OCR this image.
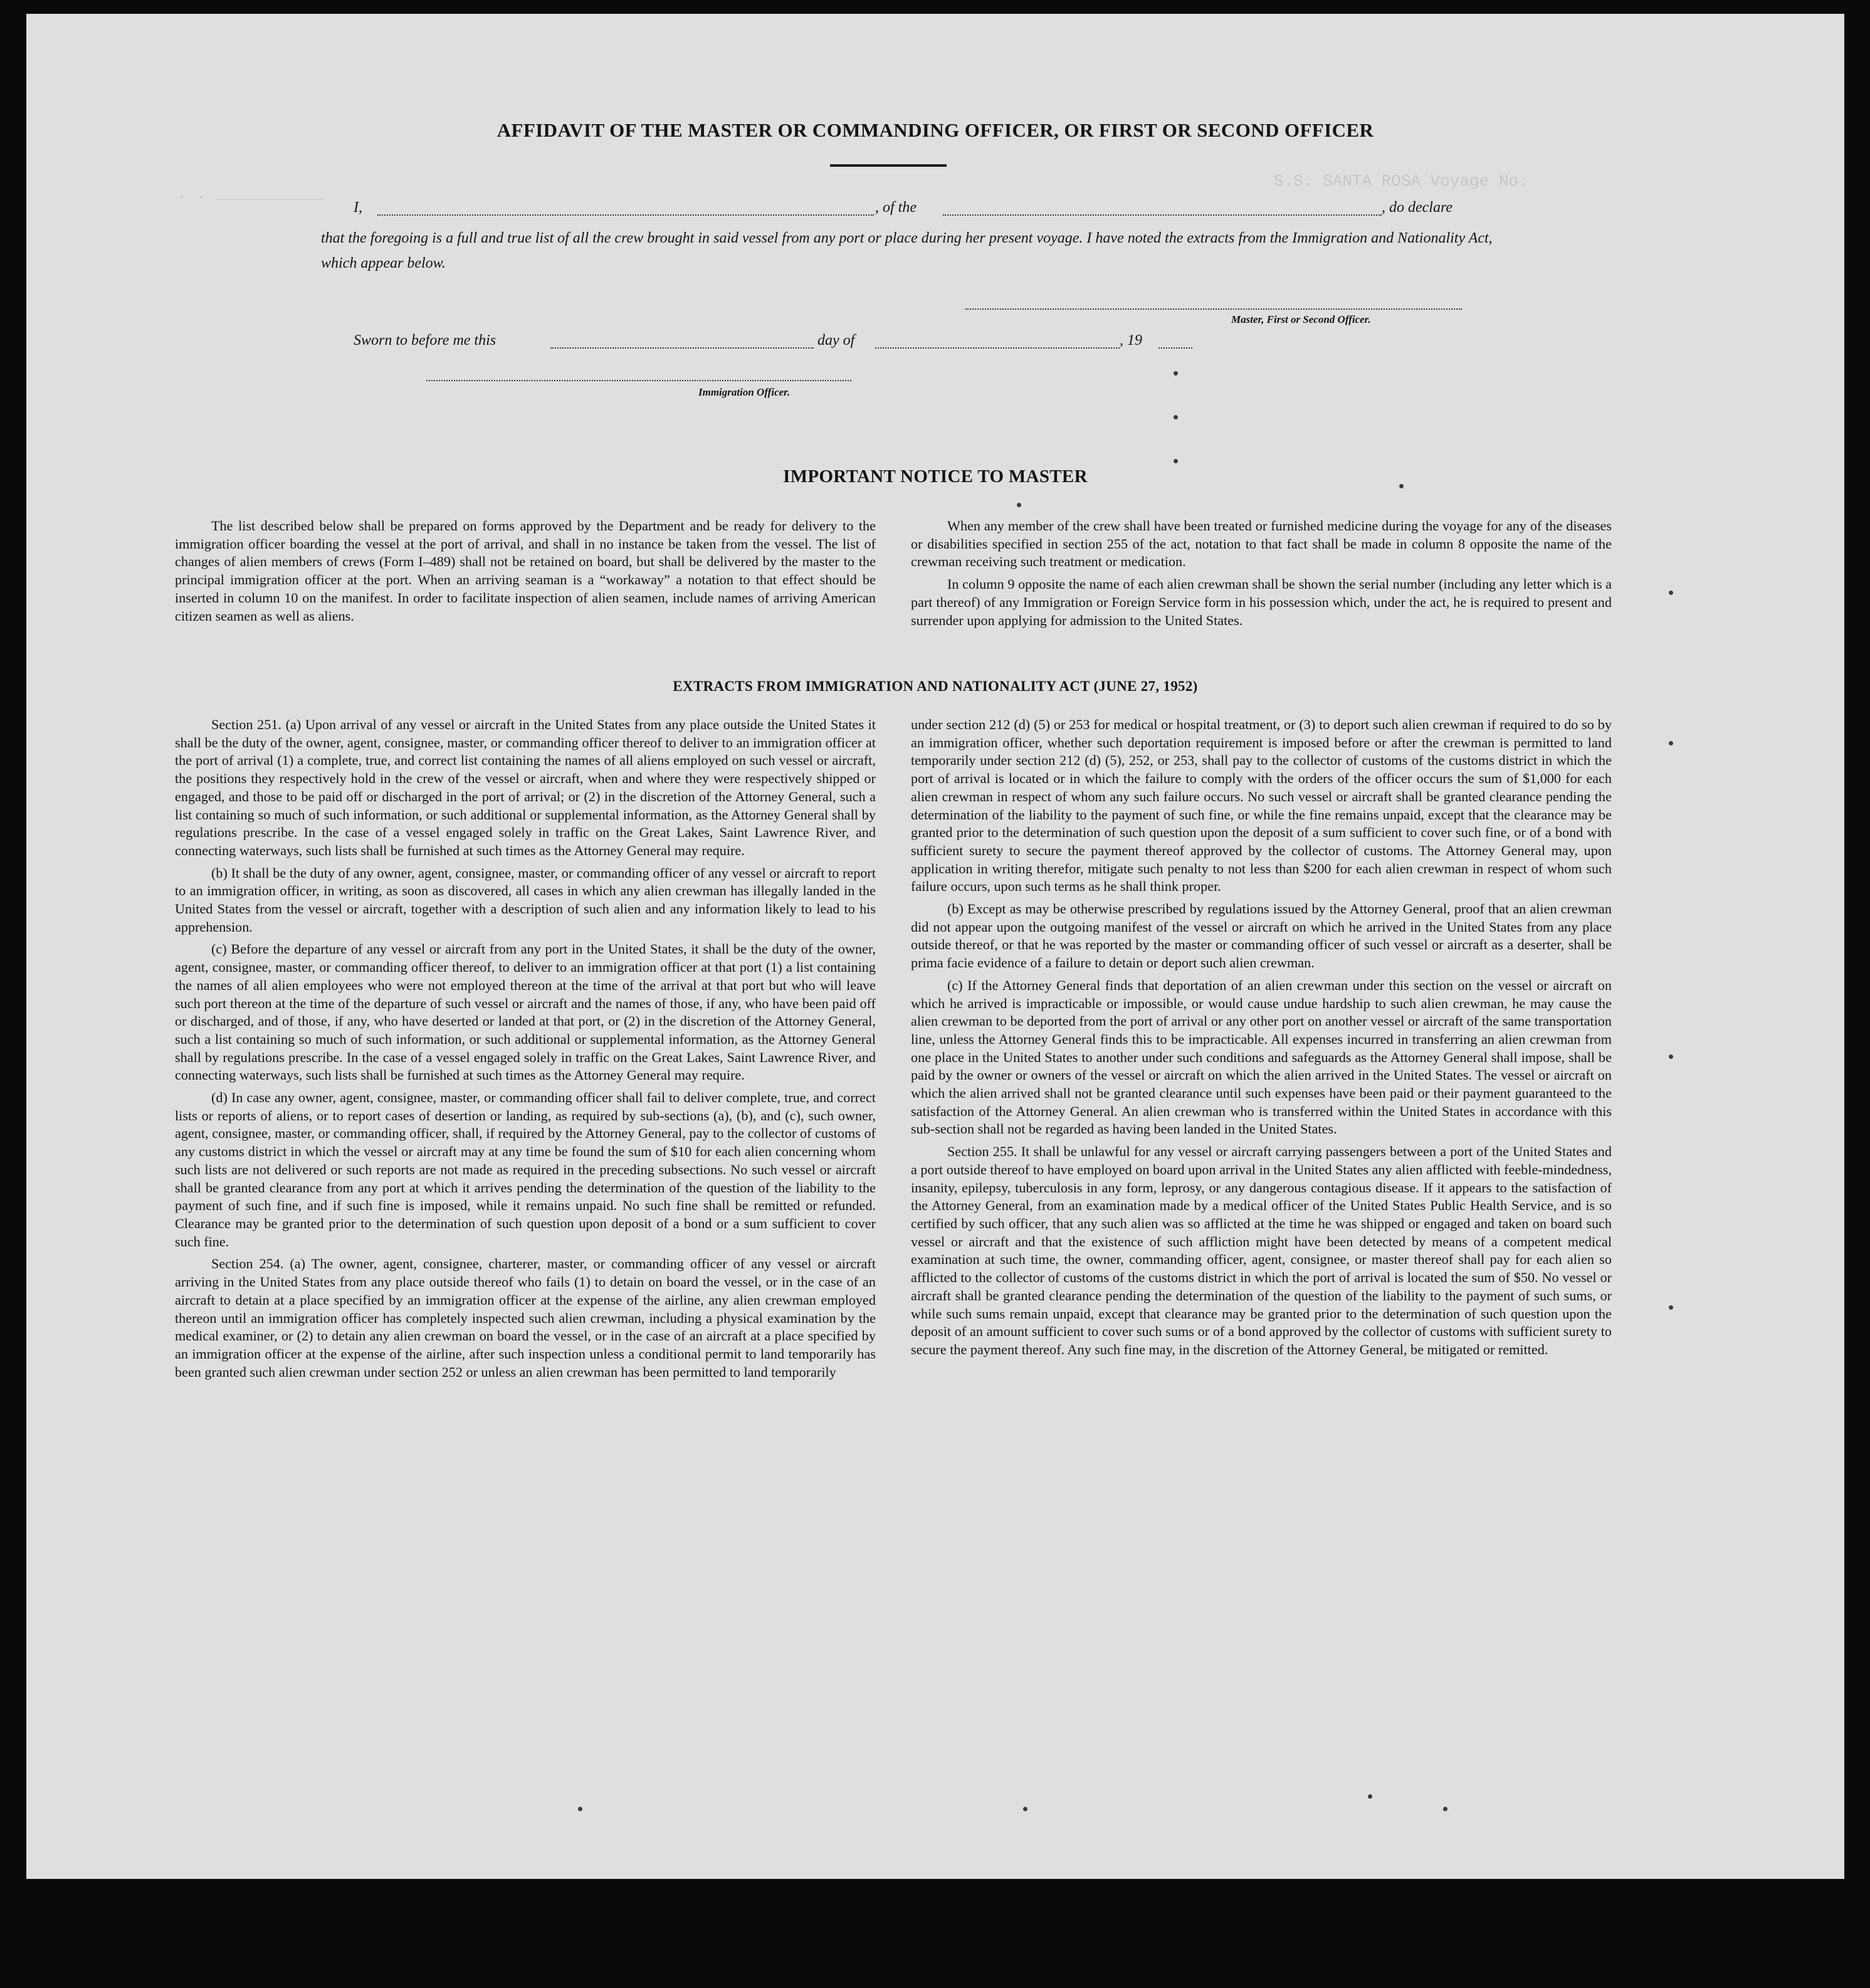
. . ___________
S.S. SANTA ROSA Voyage No.
AFFIDAVIT OF THE MASTER OR COMMANDING OFFICER, OR FIRST OR SECOND OFFICER
I,	, of the	, do declare
that the foregoing is a full and true list of all the crew brought in said vessel from any port or place during her present voyage. I have noted the extracts from the Immigration and Nationality Act, which appear below.
Master, First or Second Officer.
Sworn to before me this	day of	, 19
Immigration Officer.
IMPORTANT NOTICE TO MASTER

The list described below shall be prepared on forms approved by the Department and be ready for delivery to the immigration officer boarding the vessel at the port of arrival, and shall in no instance be taken from the vessel. The list of changes of alien members of crews (Form I–489) shall not be retained on board, but shall be delivered by the master to the principal immigration officer at the port. When an arriving seaman is a “workaway” a notation to that effect should be inserted in column 10 on the manifest. In order to facilitate inspection of alien seamen, include names of arriving American citizen seamen as well as aliens.

When any member of the crew shall have been treated or furnished medicine during the voyage for any of the diseases or disabilities specified in section 255 of the act, notation to that fact shall be made in column 8 opposite the name of the crewman receiving such treatment or medication.

In column 9 opposite the name of each alien crewman shall be shown the serial number (including any letter which is a part thereof) of any Immigration or Foreign Service form in his possession which, under the act, he is required to present and surrender upon applying for admission to the United States.

EXTRACTS FROM IMMIGRATION AND NATIONALITY ACT (JUNE 27, 1952)

Section 251. (a) Upon arrival of any vessel or aircraft in the United States from any place outside the United States it shall be the duty of the owner, agent, consignee, master, or commanding officer thereof to deliver to an immigration officer at the port of arrival (1) a complete, true, and correct list containing the names of all aliens employed on such vessel or aircraft, the positions they respectively hold in the crew of the vessel or aircraft, when and where they were respectively shipped or engaged, and those to be paid off or discharged in the port of arrival; or (2) in the discretion of the Attorney General, such a list containing so much of such information, or such additional or supplemental information, as the Attorney General shall by regulations prescribe. In the case of a vessel engaged solely in traffic on the Great Lakes, Saint Lawrence River, and connecting waterways, such lists shall be furnished at such times as the Attorney General may require.

(b) It shall be the duty of any owner, agent, consignee, master, or commanding officer of any vessel or aircraft to report to an immigration officer, in writing, as soon as discovered, all cases in which any alien crewman has illegally landed in the United States from the vessel or aircraft, together with a description of such alien and any information likely to lead to his apprehension.

(c) Before the departure of any vessel or aircraft from any port in the United States, it shall be the duty of the owner, agent, consignee, master, or commanding officer thereof, to deliver to an immigration officer at that port (1) a list containing the names of all alien employees who were not employed thereon at the time of the arrival at that port but who will leave such port thereon at the time of the departure of such vessel or aircraft and the names of those, if any, who have been paid off or discharged, and of those, if any, who have deserted or landed at that port, or (2) in the discretion of the Attorney General, such a list containing so much of such information, or such additional or supplemental information, as the Attorney General shall by regulations prescribe. In the case of a vessel engaged solely in traffic on the Great Lakes, Saint Lawrence River, and connecting waterways, such lists shall be furnished at such times as the Attorney General may require.

(d) In case any owner, agent, consignee, master, or commanding officer shall fail to deliver complete, true, and correct lists or reports of aliens, or to report cases of desertion or landing, as required by sub-sections (a), (b), and (c), such owner, agent, consignee, master, or commanding officer, shall, if required by the Attorney General, pay to the collector of customs of any customs district in which the vessel or aircraft may at any time be found the sum of $10 for each alien concerning whom such lists are not delivered or such reports are not made as required in the preceding subsections. No such vessel or aircraft shall be granted clearance from any port at which it arrives pending the determination of the question of the liability to the payment of such fine, and if such fine is imposed, while it remains unpaid. No such fine shall be remitted or refunded. Clearance may be granted prior to the determination of such question upon deposit of a bond or a sum sufficient to cover such fine.

Section 254. (a) The owner, agent, consignee, charterer, master, or commanding officer of any vessel or aircraft arriving in the United States from any place outside thereof who fails (1) to detain on board the vessel, or in the case of an aircraft to detain at a place specified by an immigration officer at the expense of the airline, any alien crewman employed thereon until an immigration officer has completely inspected such alien crewman, including a physical examination by the medical examiner, or (2) to detain any alien crewman on board the vessel, or in the case of an aircraft at a place specified by an immigration officer at the expense of the airline, after such inspection unless a conditional permit to land temporarily has been granted such alien crewman under section 252 or unless an alien crewman has been permitted to land temporarily

under section 212 (d) (5) or 253 for medical or hospital treatment, or (3) to deport such alien crewman if required to do so by an immigration officer, whether such deportation requirement is imposed before or after the crewman is permitted to land temporarily under section 212 (d) (5), 252, or 253, shall pay to the collector of customs of the customs district in which the port of arrival is located or in which the failure to comply with the orders of the officer occurs the sum of $1,000 for each alien crewman in respect of whom any such failure occurs. No such vessel or aircraft shall be granted clearance pending the determination of the liability to the payment of such fine, or while the fine remains unpaid, except that the clearance may be granted prior to the determination of such question upon the deposit of a sum sufficient to cover such fine, or of a bond with sufficient surety to secure the payment thereof approved by the collector of customs. The Attorney General may, upon application in writing therefor, mitigate such penalty to not less than $200 for each alien crewman in respect of whom such failure occurs, upon such terms as he shall think proper.

(b) Except as may be otherwise prescribed by regulations issued by the Attorney General, proof that an alien crewman did not appear upon the outgoing manifest of the vessel or aircraft on which he arrived in the United States from any place outside thereof, or that he was reported by the master or commanding officer of such vessel or aircraft as a deserter, shall be prima facie evidence of a failure to detain or deport such alien crewman.

(c) If the Attorney General finds that deportation of an alien crewman under this section on the vessel or aircraft on which he arrived is impracticable or impossible, or would cause undue hardship to such alien crewman, he may cause the alien crewman to be deported from the port of arrival or any other port on another vessel or aircraft of the same transportation line, unless the Attorney General finds this to be impracticable. All expenses incurred in transferring an alien crewman from one place in the United States to another under such conditions and safeguards as the Attorney General shall impose, shall be paid by the owner or owners of the vessel or aircraft on which the alien arrived in the United States. The vessel or aircraft on which the alien arrived shall not be granted clearance until such expenses have been paid or their payment guaranteed to the satisfaction of the Attorney General. An alien crewman who is transferred within the United States in accordance with this sub-section shall not be regarded as having been landed in the United States.

Section 255. It shall be unlawful for any vessel or aircraft carrying passengers between a port of the United States and a port outside thereof to have employed on board upon arrival in the United States any alien afflicted with feeble-mindedness, insanity, epilepsy, tuberculosis in any form, leprosy, or any dangerous contagious disease. If it appears to the satisfaction of the Attorney General, from an examination made by a medical officer of the United States Public Health Service, and is so certified by such officer, that any such alien was so afflicted at the time he was shipped or engaged and taken on board such vessel or aircraft and that the existence of such affliction might have been detected by means of a competent medical examination at such time, the owner, commanding officer, agent, consignee, or master thereof shall pay for each alien so afflicted to the collector of customs of the customs district in which the port of arrival is located the sum of $50. No vessel or aircraft shall be granted clearance pending the determination of the question of the liability to the payment of such sums, or while such sums remain unpaid, except that clearance may be granted prior to the determination of such question upon the deposit of an amount sufficient to cover such sums or of a bond approved by the collector of customs with sufficient surety to secure the payment thereof. Any such fine may, in the discretion of the Attorney General, be mitigated or remitted.
